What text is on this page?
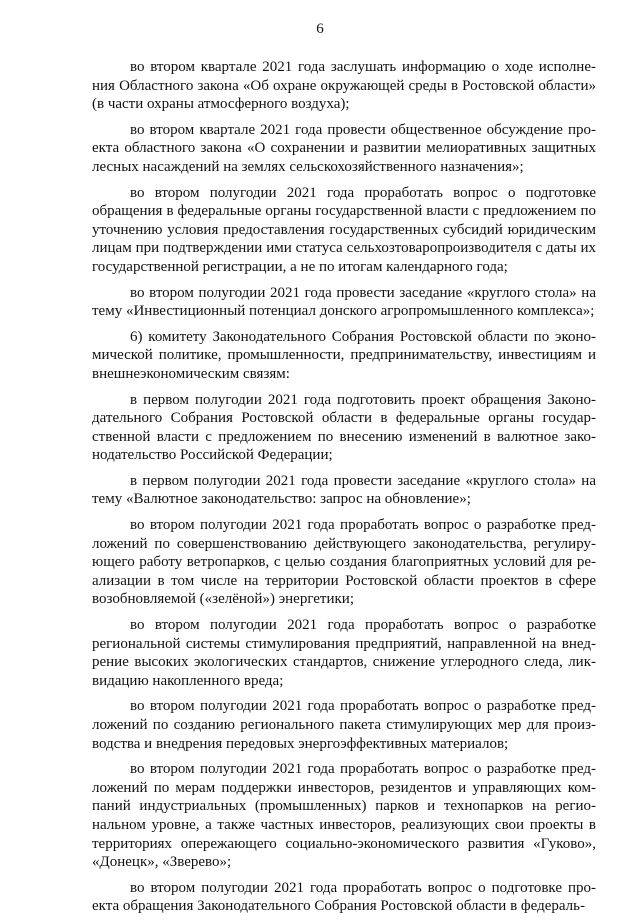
6

во втором квартале 2021 года заслушать информацию о ходе исполнения Областного закона «Об охране окружающей среды в Ростовской области» (в части охраны атмосферного воздуха);

во втором квартале 2021 года провести общественное обсуждение проекта областного закона «О сохранении и развитии мелиоративных защитных лесных насаждений на землях сельскохозяйственного назначения»;

во втором полугодии 2021 года проработать вопрос о подготовке обращения в федеральные органы государственной власти с предложением по уточнению условия предоставления государственных субсидий юридическим лицам при подтверждении ими статуса сельхозтоваропроизводителя с даты их государственной регистрации, а не по итогам календарного года;

во втором полугодии 2021 года провести заседание «круглого стола» на тему «Инвестиционный потенциал донского агропромышленного комплекса»;

6) комитету Законодательного Собрания Ростовской области по экономической политике, промышленности, предпринимательству, инвестициям и внешнеэкономическим связям:

в первом полугодии 2021 года подготовить проект обращения Законодательного Собрания Ростовской области в федеральные органы государственной власти с предложением по внесению изменений в валютное законодательство Российской Федерации;

в первом полугодии 2021 года провести заседание «круглого стола» на тему «Валютное законодательство: запрос на обновление»;

во втором полугодии 2021 года проработать вопрос о разработке предложений по совершенствованию действующего законодательства, регулирующего работу ветропарков, с целью создания благоприятных условий для реализации в том числе на территории Ростовской области проектов в сфере возобновляемой («зелёной») энергетики;

во втором полугодии 2021 года проработать вопрос о разработке региональной системы стимулирования предприятий, направленной на внедрение высоких экологических стандартов, снижение углеродного следа, ликвидацию накопленного вреда;

во втором полугодии 2021 года проработать вопрос о разработке предложений по созданию регионального пакета стимулирующих мер для производства и внедрения передовых энергоэффективных материалов;

во втором полугодии 2021 года проработать вопрос о разработке предложений по мерам поддержки инвесторов, резидентов и управляющих компаний индустриальных (промышленных) парков и технопарков на региональном уровне, а также частных инвесторов, реализующих свои проекты в территориях опережающего социально-экономического развития «Гуково», «Донецк», «Зверево»;

во втором полугодии 2021 года проработать вопрос о подготовке проекта обращения Законодательного Собрания Ростовской области в федераль-
